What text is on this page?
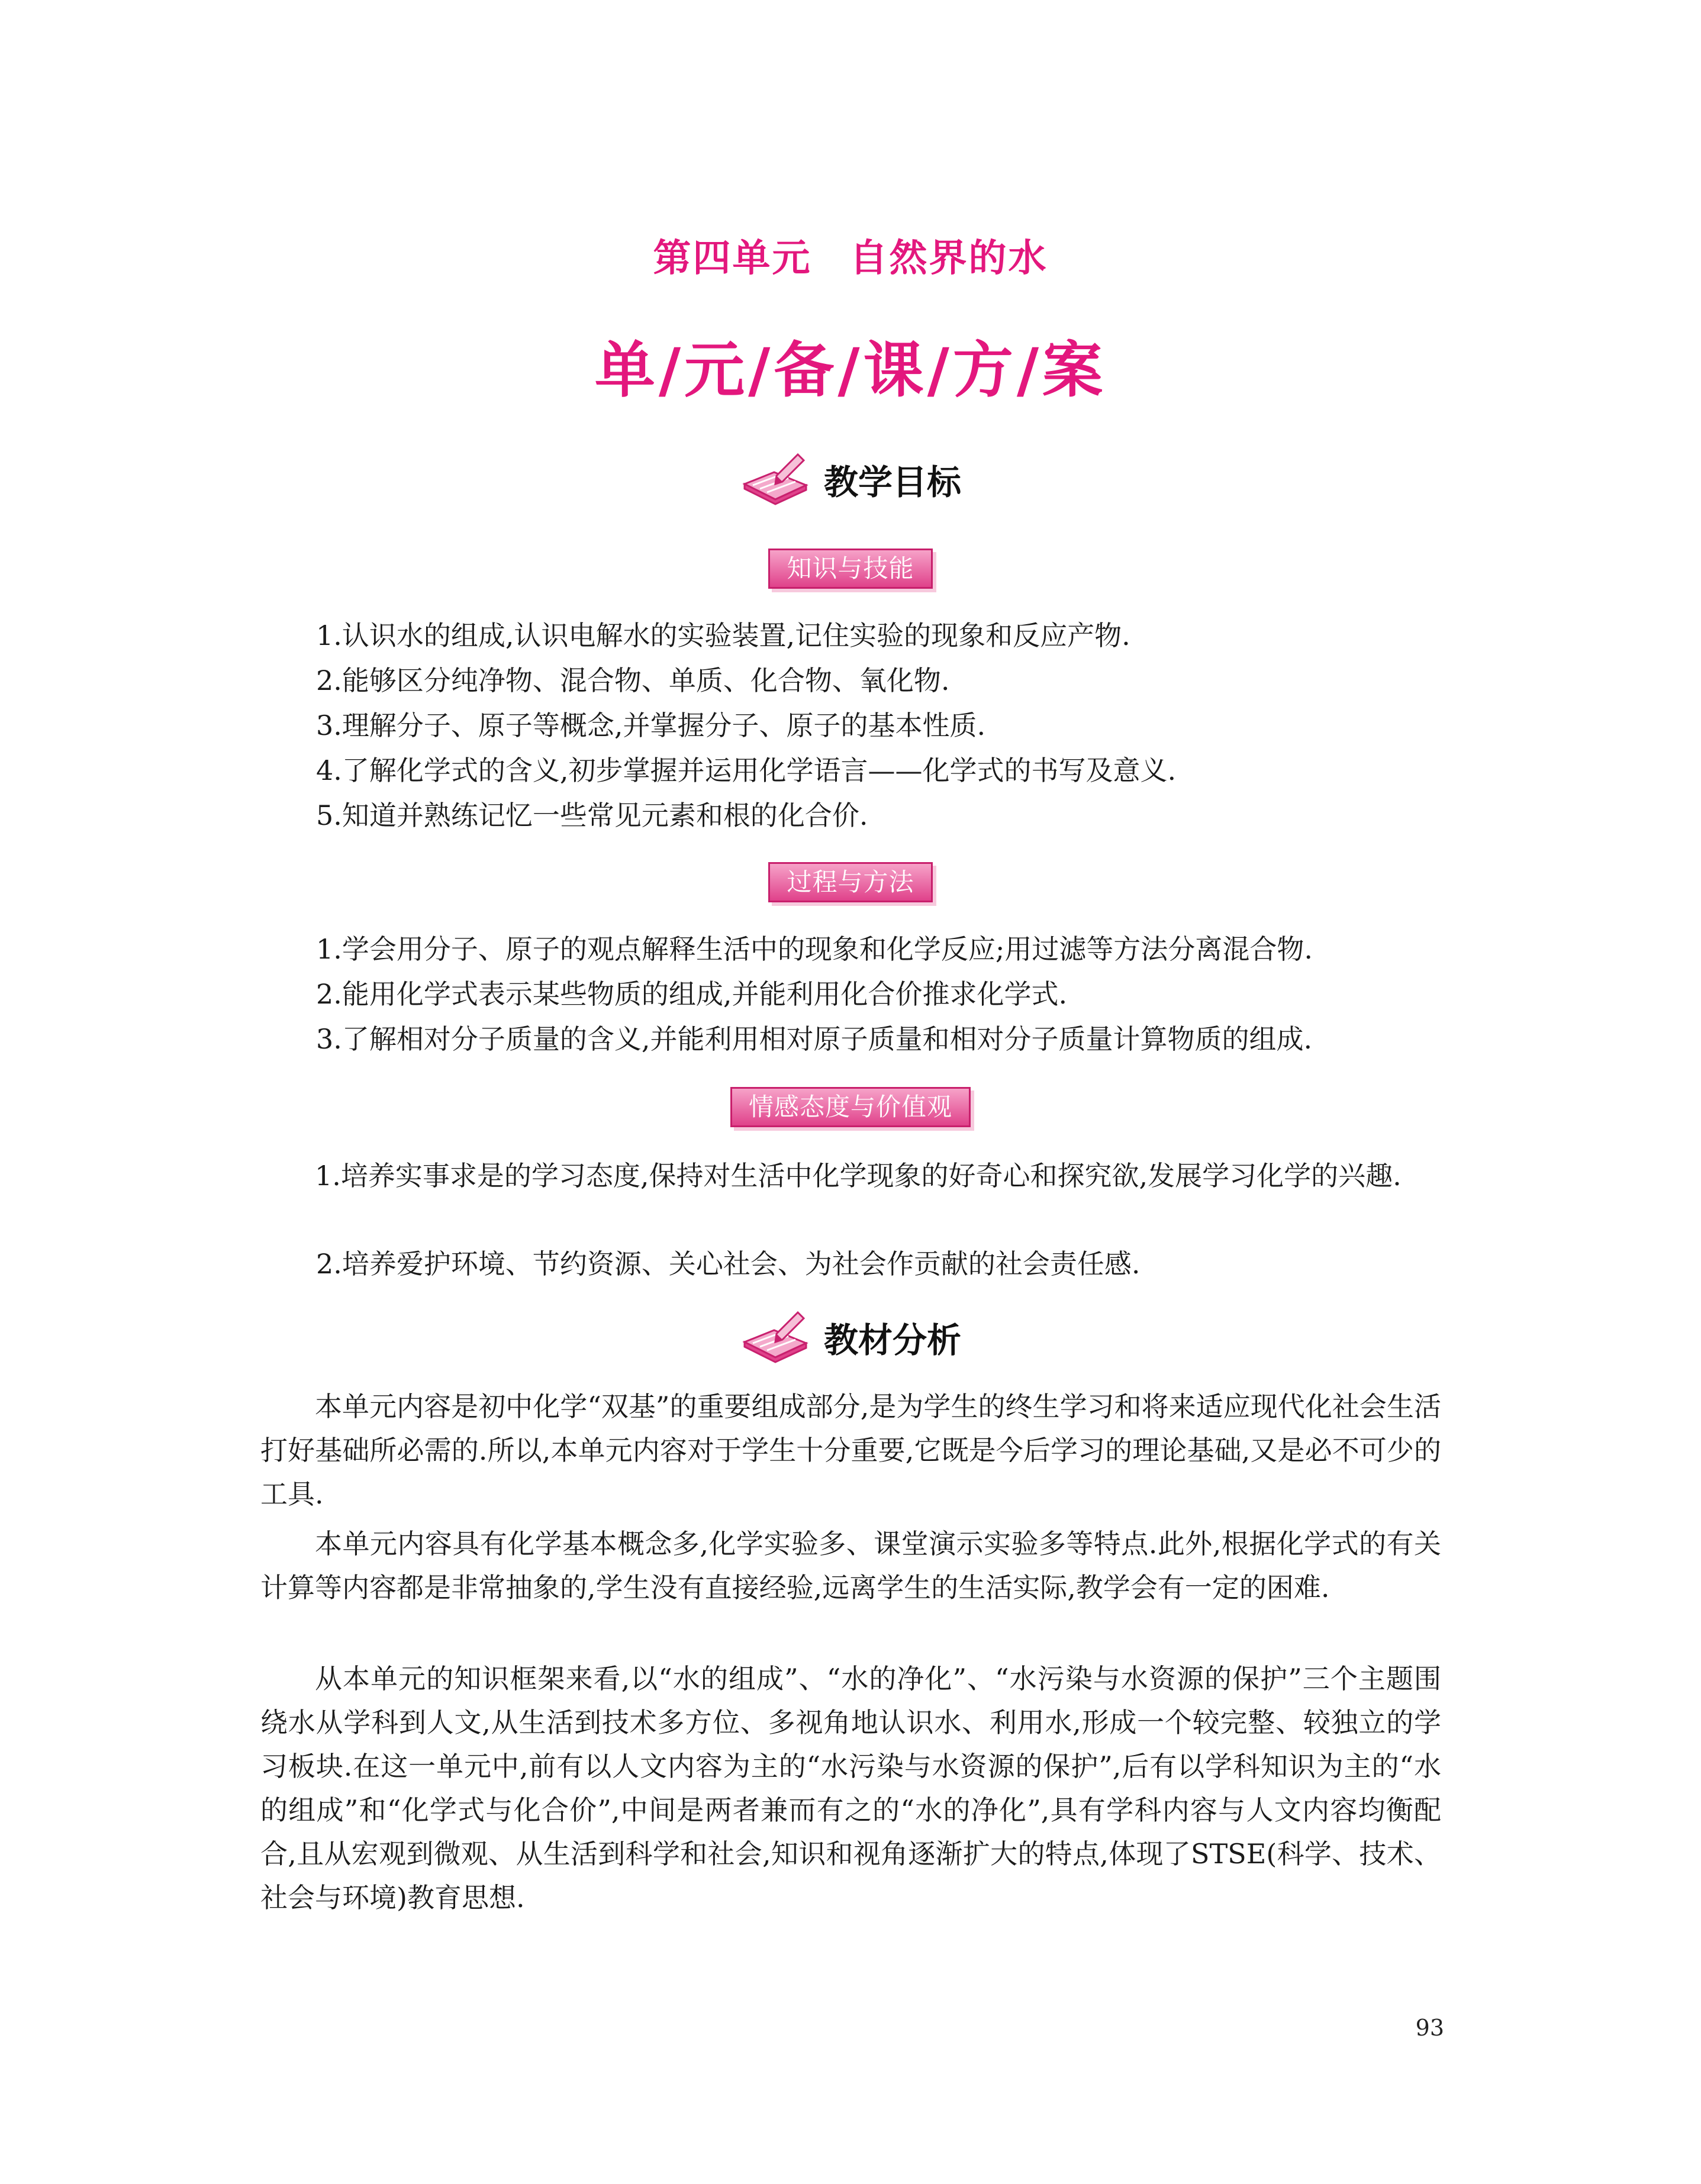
第四单元 自然界的水
单/元/备/课/方/案
教学目标
知识与技能
1.认识水的组成,认识电解水的实验装置,记住实验的现象和反应产物.
2.能够区分纯净物、混合物、单质、化合物、氧化物.
3.理解分子、原子等概念,并掌握分子、原子的基本性质.
4.了解化学式的含义,初步掌握并运用化学语言——化学式的书写及意义.
5.知道并熟练记忆一些常见元素和根的化合价.
过程与方法
1.学会用分子、原子的观点解释生活中的现象和化学反应;用过滤等方法分离混合物.
2.能用化学式表示某些物质的组成,并能利用化合价推求化学式.
3.了解相对分子质量的含义,并能利用相对原子质量和相对分子质量计算物质的组成.
情感态度与价值观
1.培养实事求是的学习态度,保持对生活中化学现象的好奇心和探究欲,发展学习化学的兴趣.
2.培养爱护环境、节约资源、关心社会、为社会作贡献的社会责任感.
教材分析
本单元内容是初中化学“双基”的重要组成部分,是为学生的终生学习和将来适应现代化社会生活打好基础所必需的.所以,本单元内容对于学生十分重要,它既是今后学习的理论基础,又是必不可少的工具.
本单元内容具有化学基本概念多,化学实验多、课堂演示实验多等特点.此外,根据化学式的有关计算等内容都是非常抽象的,学生没有直接经验,远离学生的生活实际,教学会有一定的困难.
从本单元的知识框架来看,以“水的组成”、“水的净化”、“水污染与水资源的保护”三个主题围绕水从学科到人文,从生活到技术多方位、多视角地认识水、利用水,形成一个较完整、较独立的学习板块.在这一单元中,前有以人文内容为主的“水污染与水资源的保护”,后有以学科知识为主的“水的组成”和“化学式与化合价”,中间是两者兼而有之的“水的净化”,具有学科内容与人文内容均衡配合,且从宏观到微观、从生活到科学和社会,知识和视角逐渐扩大的特点,体现了STSE(科学、技术、社会与环境)教育思想.
93
